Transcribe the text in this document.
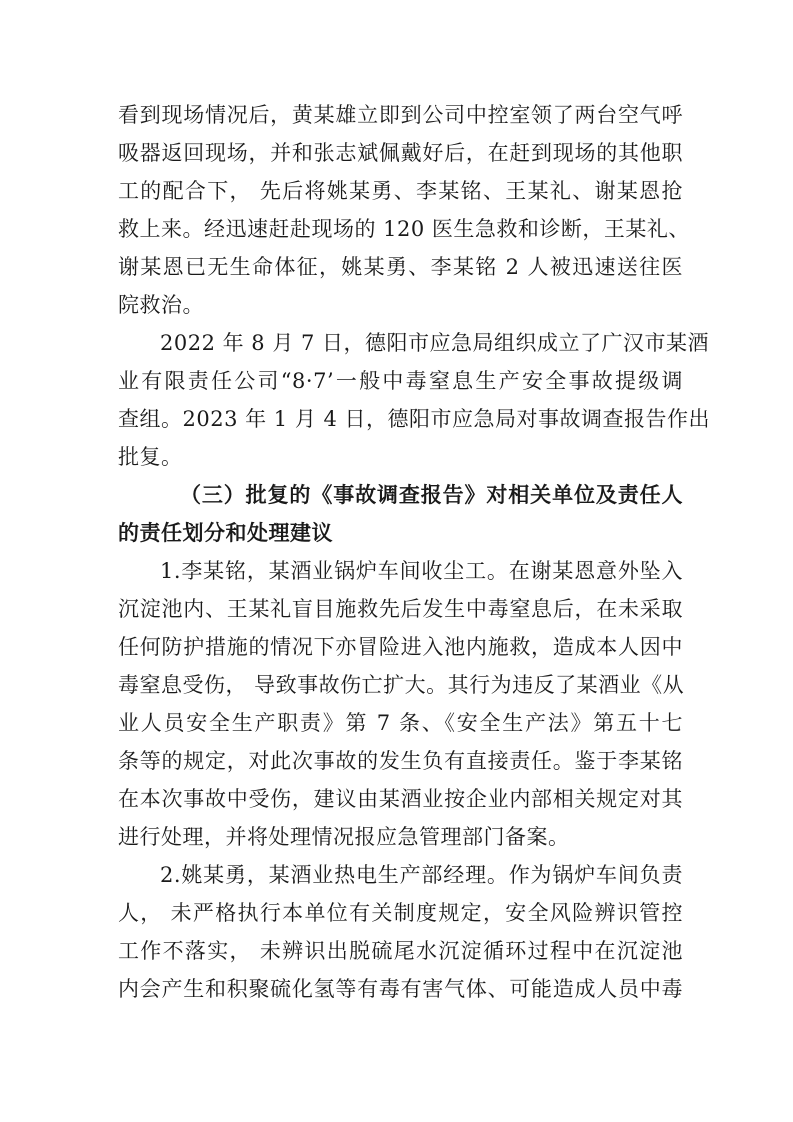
看到现场情况后，黄某雄立即到公司中控室领了两台空气呼
吸器返回现场，并和张志斌佩戴好后，在赶到现场的其他职
工的配合下， 先后将姚某勇、李某铭、王某礼、谢某恩抢
救上来。经迅速赶赴现场的 120 医生急救和诊断，王某礼、
谢某恩已无生命体征，姚某勇、李某铭 2 人被迅速送往医
院救治。
2022 年 8 月 7 日，德阳市应急局组织成立了广汉市某酒
业有限责任公司“8·7’一般中毒窒息生产安全事故提级调
查组。2023 年 1 月 4 日，德阳市应急局对事故调查报告作出
批复。
（三）批复的《事故调查报告》对相关单位及责任人
的责任划分和处理建议
1.李某铭，某酒业锅炉车间收尘工。在谢某恩意外坠入
沉淀池内、王某礼盲目施救先后发生中毒窒息后，在未采取
任何防护措施的情况下亦冒险进入池内施救，造成本人因中
毒窒息受伤， 导致事故伤亡扩大。其行为违反了某酒业《从
业人员安全生产职责》第 7 条、《安全生产法》第五十七
条等的规定，对此次事故的发生负有直接责任。鉴于李某铭
在本次事故中受伤，建议由某酒业按企业内部相关规定对其
进行处理，并将处理情况报应急管理部门备案。
2.姚某勇，某酒业热电生产部经理。作为锅炉车间负责
人， 未严格执行本单位有关制度规定，安全风险辨识管控
工作不落实， 未辨识出脱硫尾水沉淀循环过程中在沉淀池
内会产生和积聚硫化氢等有毒有害气体、可能造成人员中毒
